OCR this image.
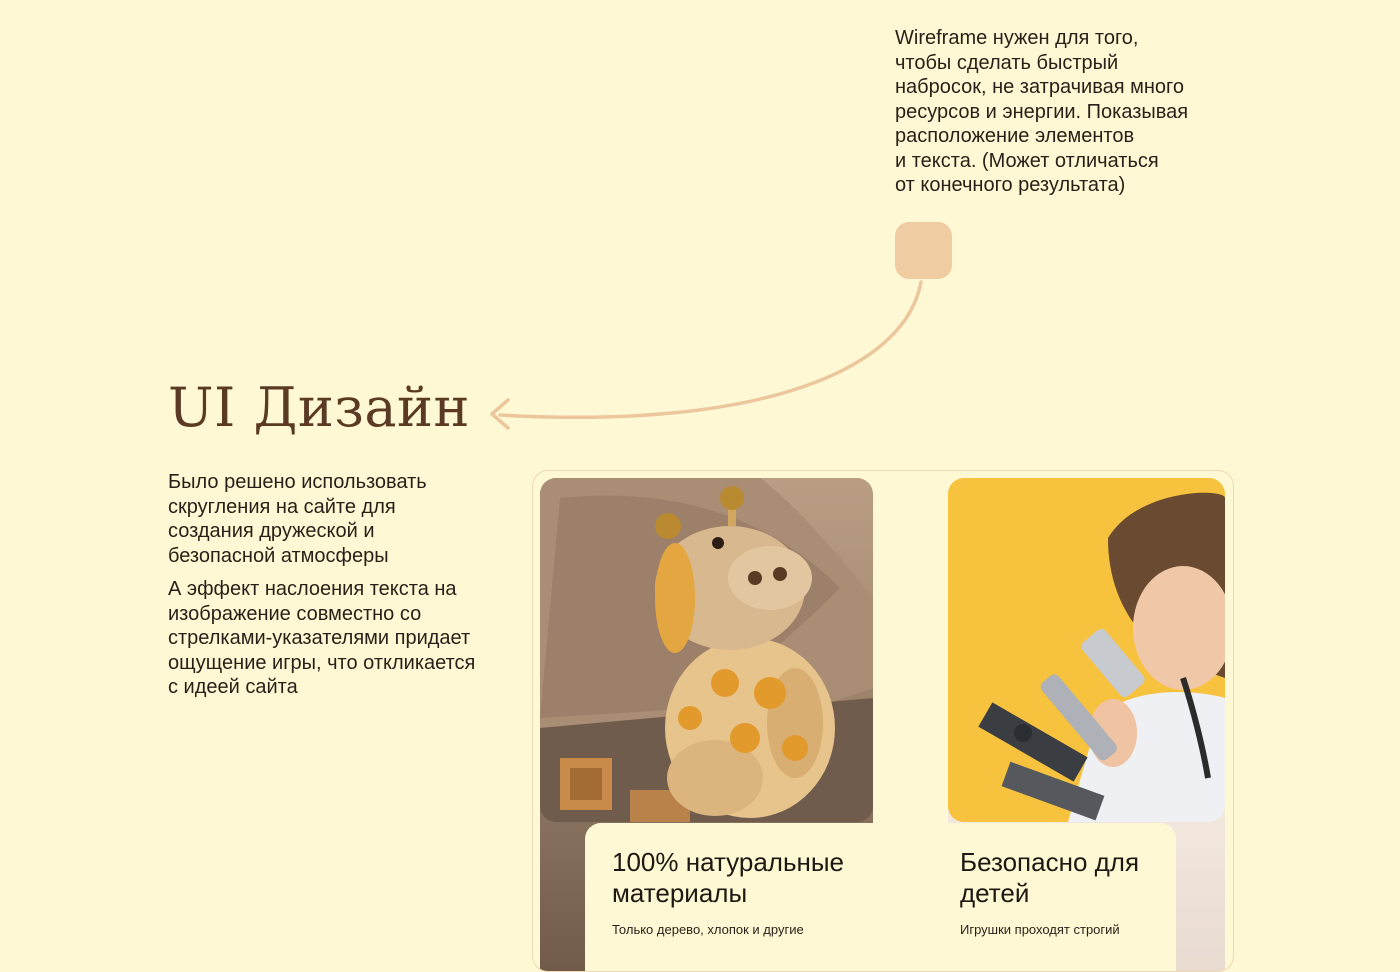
Wireframe нужен для того,
чтобы сделать быстрый
набросок, не затрачивая много
ресурсов и энергии. Показывая
расположение элементов
и текста. (Может отличаться
от конечного результата)
UI Дизайн
Было решено использовать
скругления на сайте для
создания дружеской и
безопасной атмосферы
А эффект наслоения текста на
изображение совместно со
стрелками-указателями придает
ощущение игры, что откликается
с идеей сайта
100% натуральные
материалы
Только дерево, хлопок и другие
Безопасно для
детей
Игрушки проходят строгий
